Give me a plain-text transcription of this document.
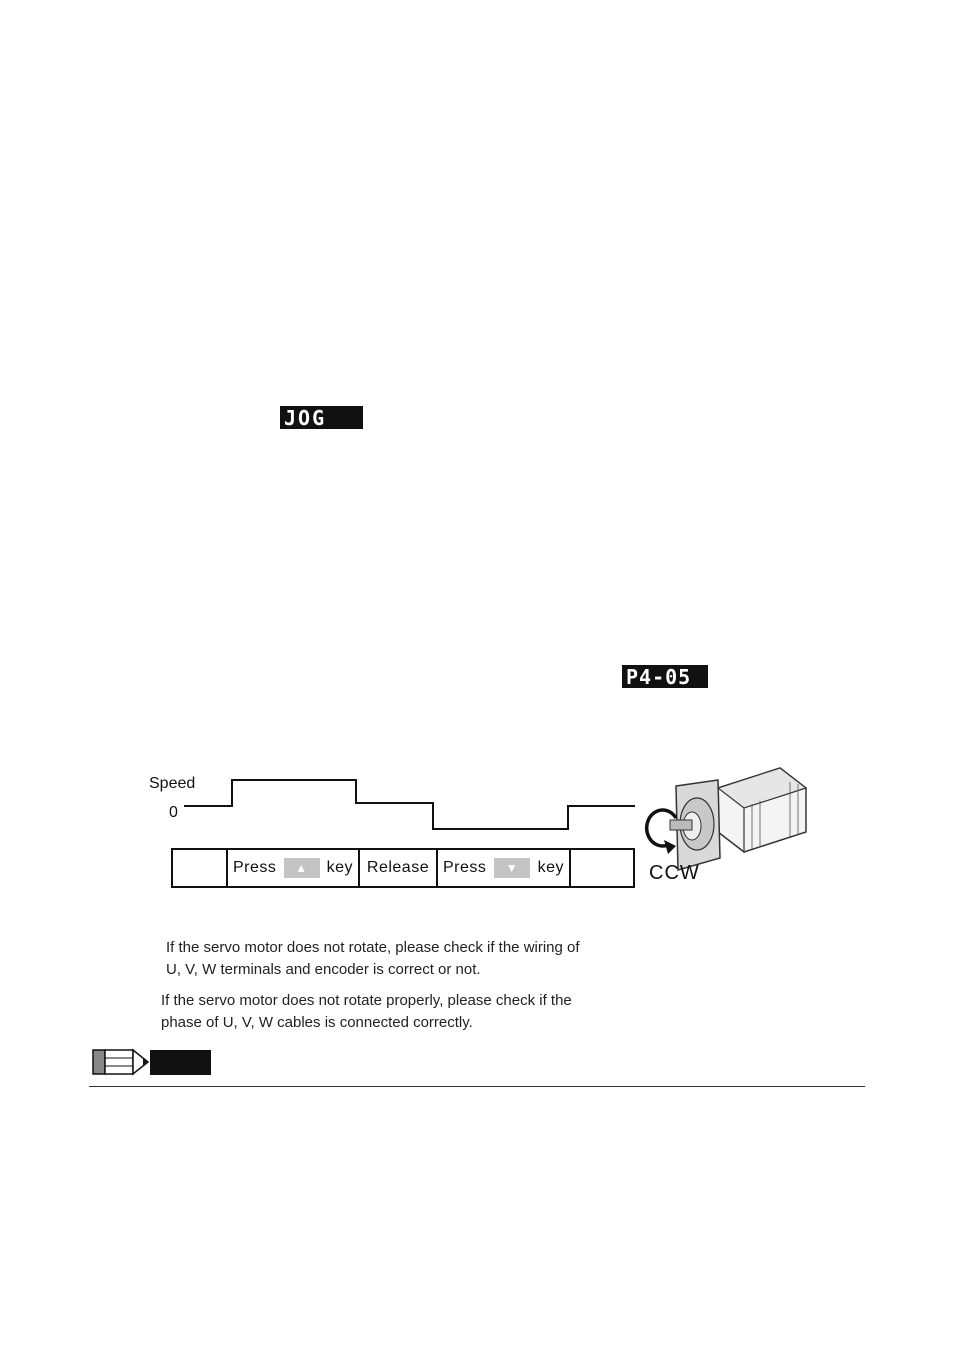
JOG
P4-05
Speed
0
Press	▲	key Release Press	▼	key	CCW
If the servo motor does not rotate, please check if the wiring of
U, V, W terminals and encoder is correct or not.
If the servo motor does not rotate properly, please check if the
phase of U, V, W cables is connected correctly.
